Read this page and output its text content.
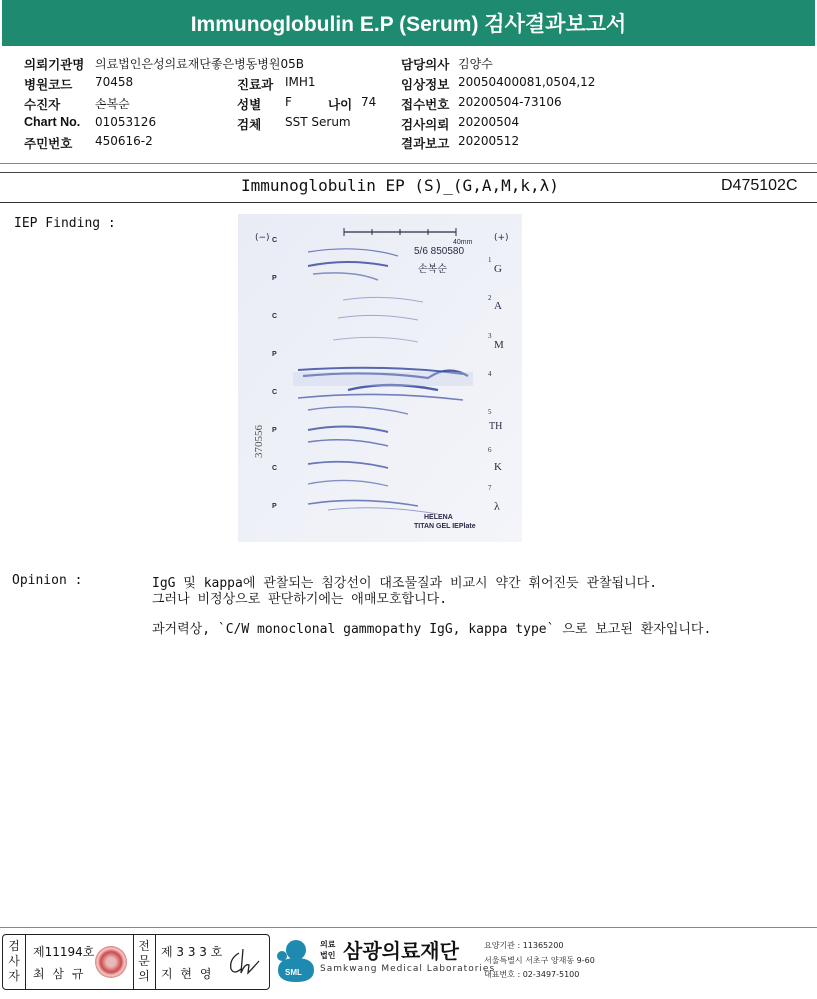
Immunoglobulin E.P (Serum) 검사결과보고서
의뢰기관명 의료법인은성의료재단좋은병동병원05B	담당의사 김양수
병원코드 70458	진료과 IMH1	임상정보 20050400081,0504,12
수진자	손복순	성별 F	나이 74 접수번호 20200504-73106
Chart No. 01053126	검체 SST Serum	검사의뢰 20200504
주민번호 450616-2	결과보고 20200512
Immunoglobulin EP (S)_(G,A,M,k,λ)	D475102C
IEP Finding :
40mm
5/6 850580
손복순
(−)	(+)
370556
C
P
C
P
C
P
C
P
1
G
2
A
3
M
4
5
TH
6
K
7
λ
HELENA
TITAN GEL IEPlate
Opinion :	IgG 및 kappa에 관찰되는 침강선이 대조물질과 비교시 약간 휘어진듯 관찰됩니다.
그러나 비정상으로 판단하기에는 애매모호합니다.
과거력상, `C/W monoclonal gammopathy IgG, kappa type` 으로 보고된 환자입니다.
검사자
제11194호
최 삼 규
전문의
제 3 3 3 호
지 현 영	SML
의료법인 삼광의료재단
Samkwang Medical Laboratories
요양기관 : 11365200
서울특별시 서초구 양재동 9-60
대표번호 : 02-3497-5100
